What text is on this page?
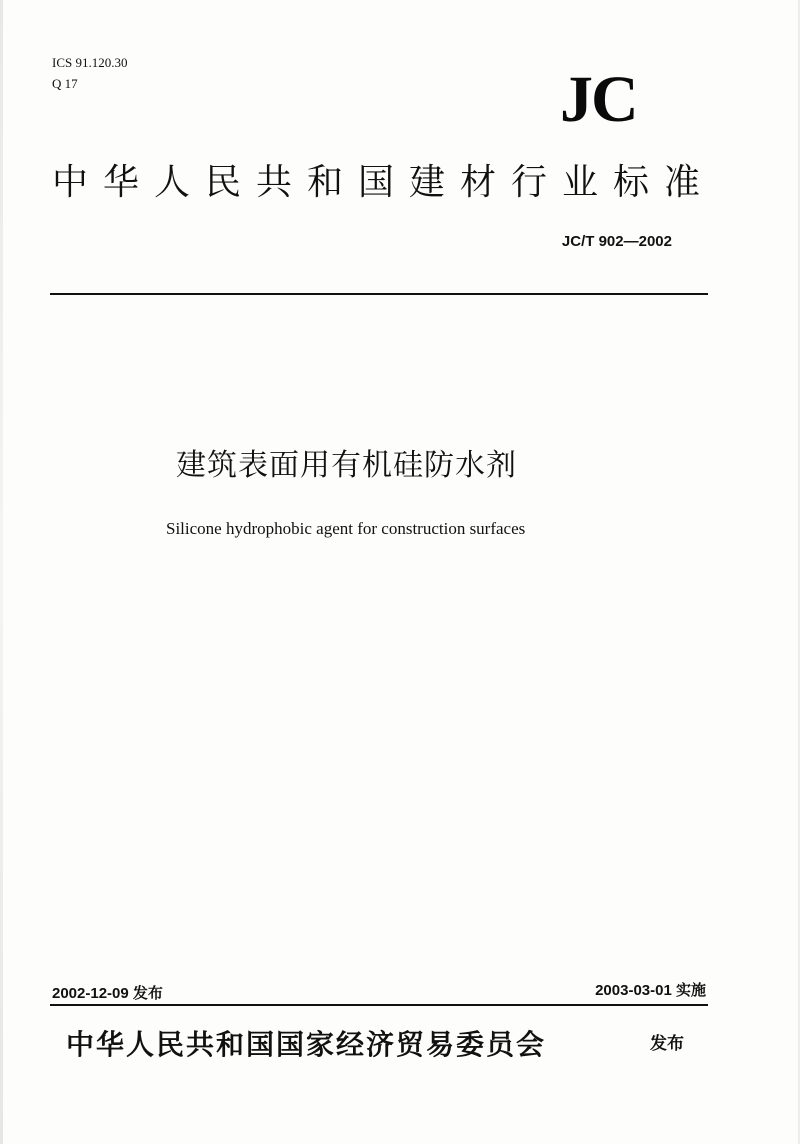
ICS 91.120.30
Q 17	JC
中华人民共和国建材行业标准
JC/T 902—2002
建筑表面用有机硅防水剂
Silicone hydrophobic agent for construction surfaces
2002-12-09 发布	2003-03-01 实施
中华人民共和国国家经济贸易委员会	发布
